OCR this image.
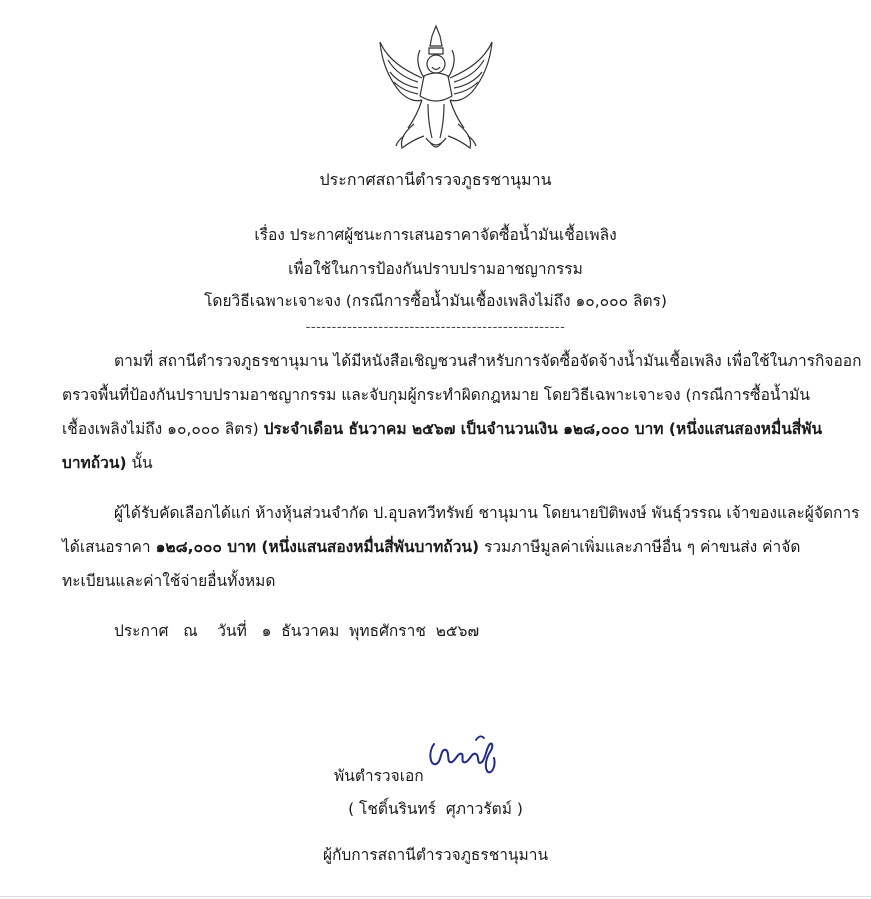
ประกาศสถานีตำรวจภูธรชานุมาน
เรื่อง ประกาศผู้ชนะการเสนอราคาจัดซื้อน้ำมันเชื้อเพลิง
เพื่อใช้ในการป้องกันปราบปรามอาชญากรรม
โดยวิธีเฉพาะเจาะจง (กรณีการซื้อน้ำมันเชื้องเพลิงไม่ถึง ๑๐,๐๐๐ ลิตร)
--------------------------------------------------
ตามที่ สถานีตำรวจภูธรชานุมาน ได้มีหนังสือเชิญชวนสำหรับการจัดซื้อจัดจ้างน้ำมันเชื้อเพลิง เพื่อใช้ในภารกิจออก
ตรวจพื้นที่ป้องกันปราบปรามอาชญากรรม และจับกุมผู้กระทำผิดกฎหมาย โดยวิธีเฉพาะเจาะจง (กรณีการซื้อน้ำมัน
เชื้องเพลิงไม่ถึง ๑๐,๐๐๐ ลิตร) ประจำเดือน ธันวาคม ๒๕๖๗ เป็นจำนวนเงิน ๑๒๘,๐๐๐ บาท (หนึ่งแสนสองหมื่นสี่พัน
บาทถ้วน) นั้น
ผู้ได้รับคัดเลือกได้แก่ ห้างหุ้นส่วนจำกัด ป.อุบลทวีทรัพย์ ชานุมาน โดยนายปิติพงษ์ พันธุ์วรรณ เจ้าของและผู้จัดการ
ได้เสนอราคา ๑๒๘,๐๐๐ บาท (หนึ่งแสนสองหมื่นสี่พันบาทถ้วน) รวมภาษีมูลค่าเพิ่มและภาษีอื่น ๆ ค่าขนส่ง ค่าจัด
ทะเบียนและค่าใช้จ่ายอื่นทั้งหมด
ประกาศ   ณ    วันที่   ๑  ธันวาคม  พุทธศักราช  ๒๕๖๗
พันตำรวจเอก
( โชติ์นรินทร์  ศุภาวรัตม์ )
ผู้กับการสถานีตำรวจภูธรชานุมาน
